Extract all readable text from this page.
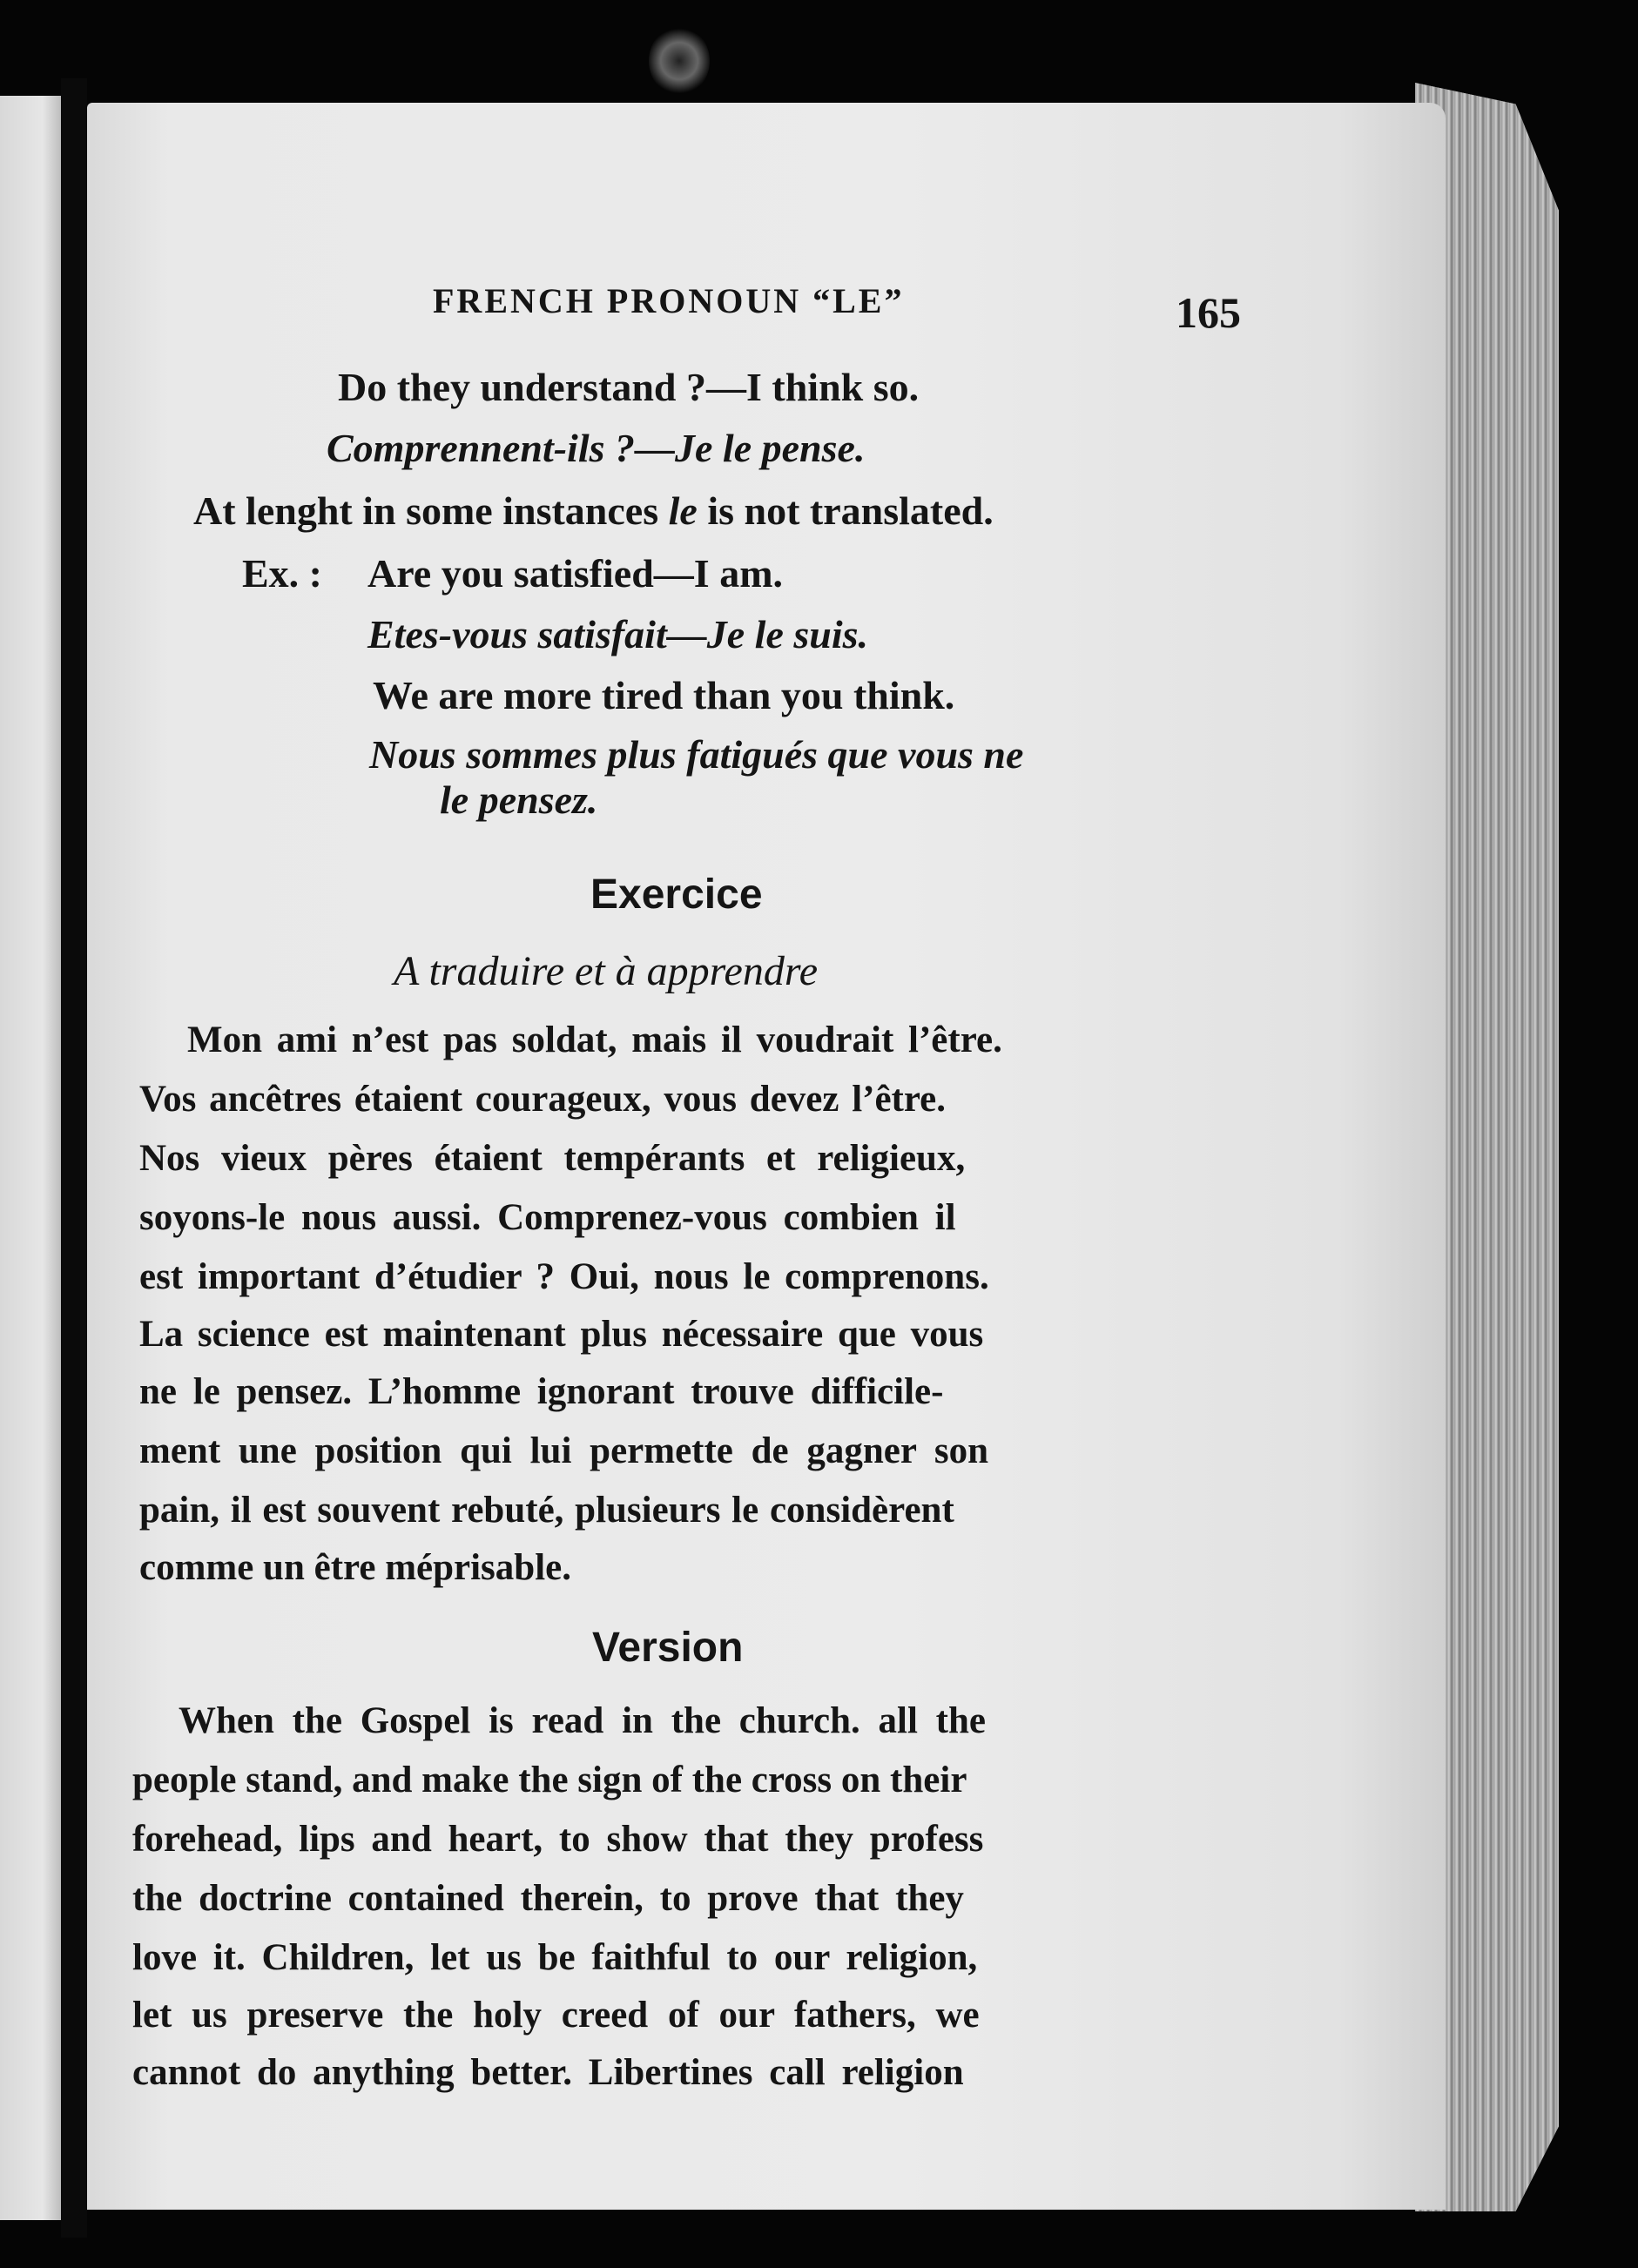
FRENCH PRONOUN “LE”	165

Do they understand ?—I think so.

Comprennent-ils ?—Je le pense.

At lenght in some instances le is not translated.

Ex. : Are you satisfied—I am.

Etes-vous satisfait—Je le suis.

We are more tired than you think.

Nous sommes plus fatigués que vous ne

le pensez.

Exercice

A traduire et à apprendre

Mon ami n’est pas soldat, mais il voudrait l’être.

Vos ancêtres étaient courageux, vous devez l’être.

Nos vieux pères étaient tempérants et religieux,

soyons-le nous aussi. Comprenez-vous combien il

est important d’étudier ? Oui, nous le comprenons.

La science est maintenant plus nécessaire que vous

ne le pensez. L’homme ignorant trouve difficile-

ment une position qui lui permette de gagner son

pain, il est souvent rebuté, plusieurs le considèrent

comme un être méprisable.

Version

When the Gospel is read in the church. all the

people stand, and make the sign of the cross on their

forehead, lips and heart, to show that they profess

the doctrine contained therein, to prove that they

love it. Children, let us be faithful to our religion,

let us preserve the holy creed of our fathers, we

cannot do anything better. Libertines call religion
